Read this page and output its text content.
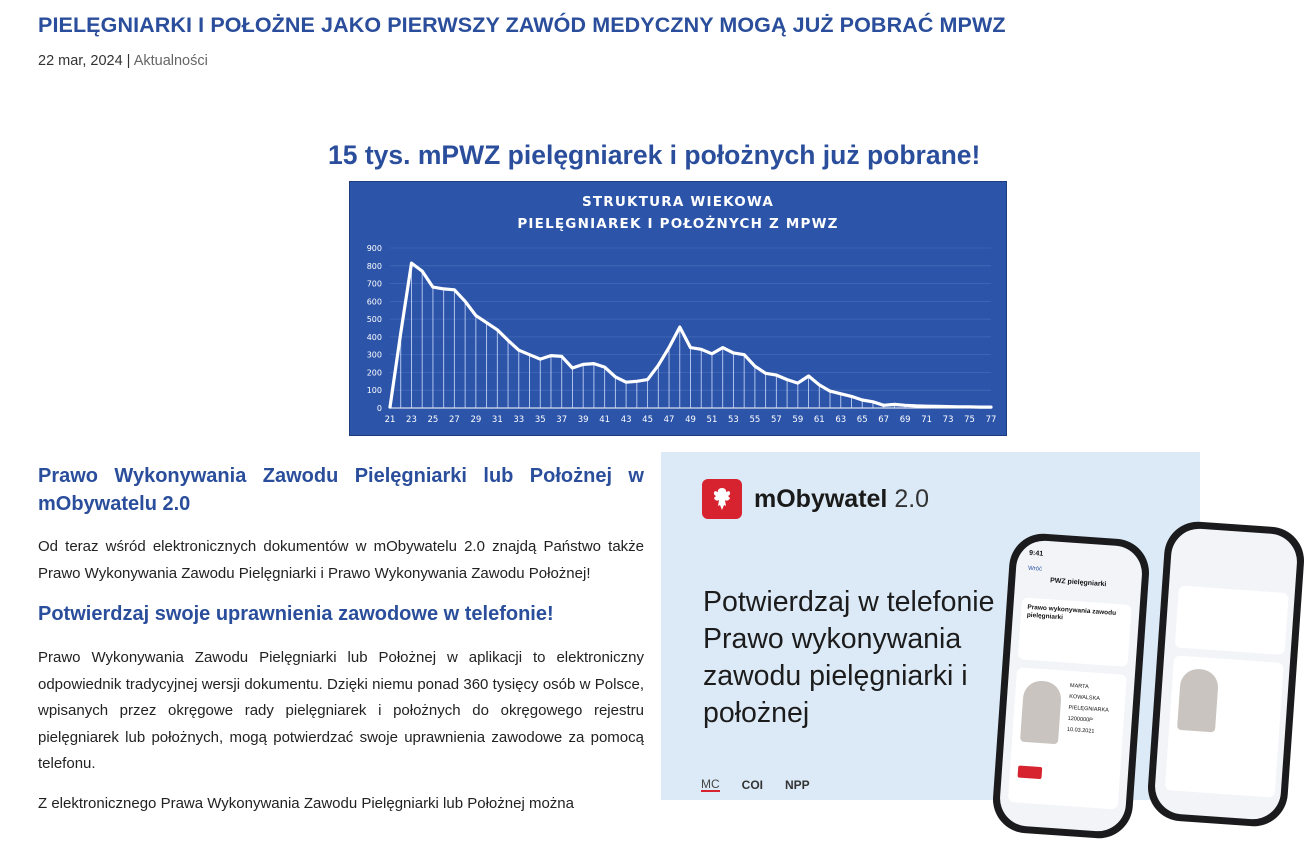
PIELĘGNIARKI I POŁOŻNE JAKO PIERWSZY ZAWÓD MEDYCZNY MOGĄ JUŻ POBRAĆ MPWZ
22 mar, 2024 | Aktualności
15 tys. mPWZ pielęgniarek i położnych już pobrane!
STRUKTURA WIEKOWA
PIELĘGNIAREK I POŁOŻNYCH Z MPWZ
0
100
200
300
400
500
600
700
800
900
21 23 25 27 29 31 33 35 37 39 41 43 45 47 49 51 53 55 57 59 61 63 65 67 69 71 73 75 77
Prawo Wykonywania Zawodu Pielęgniarki lub Położnej w mObywatelu 2.0

Od teraz wśród elektronicznych dokumentów w mObywatelu 2.0 znajdą Państwo także Prawo Wykonywania Zawodu Pielęgniarki i Prawo Wykonywania Zawodu Położnej!

Potwierdzaj swoje uprawnienia zawodowe w telefonie!

Prawo Wykonywania Zawodu Pielęgniarki lub Położnej w aplikacji to elektroniczny odpowiednik tradycyjnej wersji dokumentu. Dzięki niemu ponad 360 tysięcy osób w Polsce, wpisanych przez okręgowe rady pielęgniarek i położnych do okręgowego rejestru pielęgniarek lub położnych, mogą potwierdzać swoje uprawnienia zawodowe za pomocą telefonu.

Z elektronicznego Prawa Wykonywania Zawodu Pielęgniarki lub Położnej można
mObywatel 2.0
Potwierdzaj w telefonie Prawo wykonywania zawodu pielęgniarki i położnej
9:41
Wróć
PWZ pielęgniarki
Prawo wykonywania zawodu pielęgniarki
MARTA
KOWALSKA
PIELĘGNIARKA
1200000P
10.03.2021
MC COI NPP
